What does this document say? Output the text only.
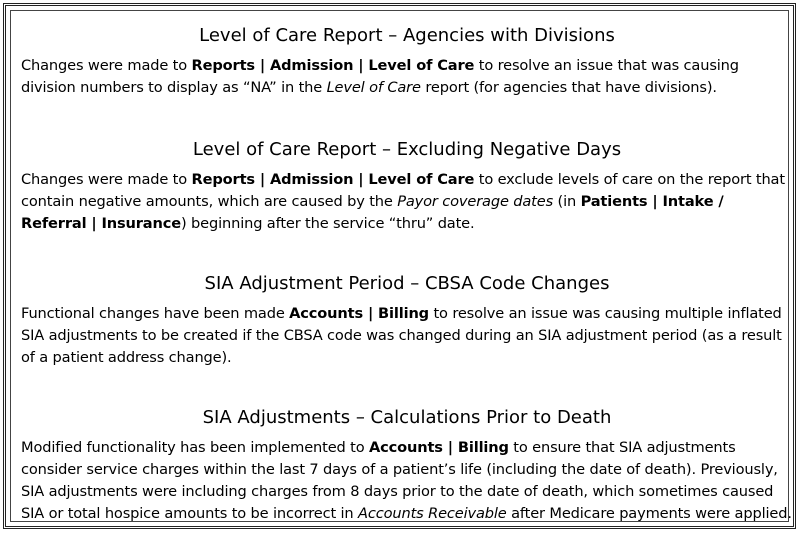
Level of Care Report – Agencies with Divisions

Changes were made to Reports | Admission | Level of Care to resolve an issue that was causing division numbers to display as “NA” in the Level of Care report (for agencies that have divisions).

Level of Care Report – Excluding Negative Days

Changes were made to Reports | Admission | Level of Care to exclude levels of care on the report that contain negative amounts, which are caused by the Payor coverage dates (in Patients | Intake / Referral | Insurance) beginning after the service “thru” date.

SIA Adjustment Period – CBSA Code Changes

Functional changes have been made Accounts | Billing to resolve an issue was causing multiple inflated SIA adjustments to be created if the CBSA code was changed during an SIA adjustment period (as a result of a patient address change).

SIA Adjustments – Calculations Prior to Death

Modified functionality has been implemented to Accounts | Billing to ensure that SIA adjustments consider service charges within the last 7 days of a patient’s life (including the date of death). Previously, SIA adjustments were including charges from 8 days prior to the date of death, which sometimes caused SIA or total hospice amounts to be incorrect in Accounts Receivable after Medicare payments were applied.
